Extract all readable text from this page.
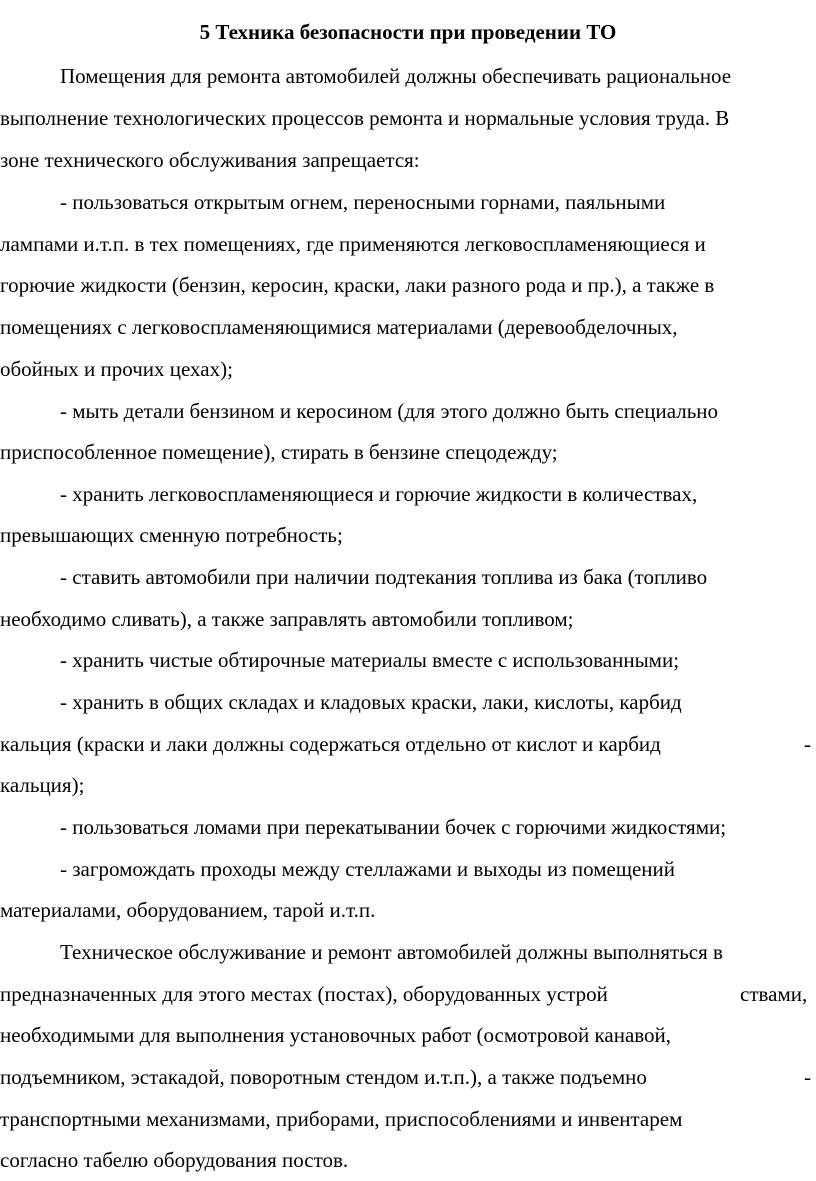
5 Техника безопасности при проведении ТО

Помещения для ремонта автомобилей должны обеспечивать рациональное

выполнение технологических процессов ремонта и нормальные условия труда. В

зоне технического обслуживания запрещается:

- пользоваться открытым огнем, переносными горнами, паяльными

лампами и.т.п. в тех помещениях, где применяются легковоспламеняющиеся и

горючие жидкости (бензин, керосин, краски, лаки разного рода и пр.), а также в

помещениях с легковоспламеняющимися материалами (деревообделочных,

обойных и прочих цехах);

- мыть детали бензином и керосином (для этого должно быть специально

приспособленное помещение), стирать в бензине спецодежду;

- хранить легковоспламеняющиеся и горючие жидкости в количествах,

превышающих сменную потребность;

- ставить автомобили при наличии подтекания топлива из бака (топливо

необходимо сливать), а также заправлять автомобили топливом;

- хранить чистые обтирочные материалы вместе с использованными;

- хранить в общих складах и кладовых краски, лаки, кислоты, карбид

кальция (краски и лаки должны содержаться отдельно от кислот и карбид	-

кальция);

- пользоваться ломами при перекатывании бочек с горючими жидкостями;

- загромождать проходы между стеллажами и выходы из помещений

материалами, оборудованием, тарой и.т.п.

Техническое обслуживание и ремонт автомобилей должны выполняться в

предназначенных для этого местах (постах), оборудованных устрой	ствами,

необходимыми для выполнения установочных работ (осмотровой канавой,

подъемником, эстакадой, поворотным стендом и.т.п.), а также подъемно	-

транспортными механизмами, приборами, приспособлениями и инвентарем

согласно табелю оборудования постов.
